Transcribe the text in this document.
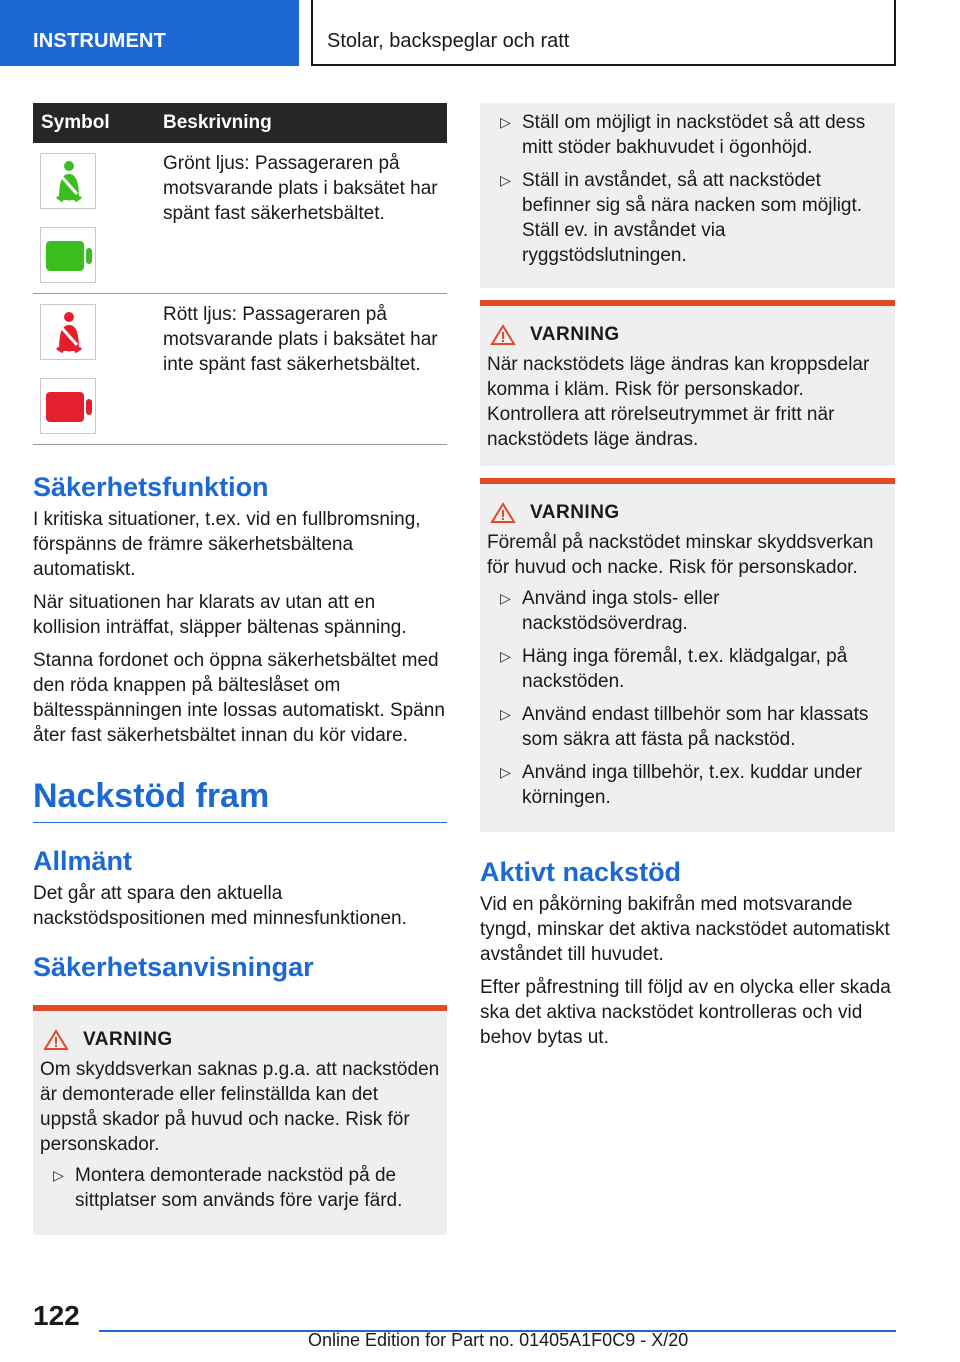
INSTRUMENT	Stolar, backspeglar och ratt
Symbol	Beskrivning

	Grönt ljus: Passageraren på motsvarande plats i baksätet har spänt fast säkerhetsbältet.

	Rött ljus: Passageraren på motsvarande plats i baksätet har inte spänt fast säkerhetsbältet.
Säkerhetsfunktion

I kritiska situationer, t.ex. vid en fullbromsning, förspänns de främre säkerhetsbältena automatiskt.

När situationen har klarats av utan att en kollision inträffat, släpper bältenas spänning.

Stanna fordonet och öppna säkerhetsbältet med den röda knappen på bälteslåset om bältesspänningen inte lossas automatiskt. Spänn åter fast säkerhetsbältet innan du kör vidare.

Nackstöd fram
Allmänt

Det går att spara den aktuella nackstödspositionen med minnesfunktionen.

Säkerhetsanvisningar
VARNING

Om skyddsverkan saknas p.g.a. att nackstöden är demonterade eller felinställda kan det uppstå skador på huvud och nacke. Risk för personskador.

▷ Montera demonterade nackstöd på de sittplatser som används före varje färd.
▷ Ställ om möjligt in nackstödet så att dess mitt stöder bakhuvudet i ögonhöjd.
▷ Ställ in avståndet, så att nackstödet befinner sig så nära nacken som möjligt. Ställ ev. in avståndet via ryggstödslutningen.
VARNING

När nackstödets läge ändras kan kroppsdelar komma i kläm. Risk för personskador. Kontrollera att rörelseutrymmet är fritt när nackstödets läge ändras.

VARNING

Föremål på nackstödet minskar skyddsverkan för huvud och nacke. Risk för personskador.

▷ Använd inga stols- eller nackstödsöverdrag.
▷ Häng inga föremål, t.ex. klädgalgar, på nackstöden.
▷ Använd endast tillbehör som har klassats som säkra att fästa på nackstöd.
▷ Använd inga tillbehör, t.ex. kuddar under körningen.
Aktivt nackstöd

Vid en påkörning bakifrån med motsvarande tyngd, minskar det aktiva nackstödet automatiskt avståndet till huvudet.

Efter påfrestning till följd av en olycka eller skada ska det aktiva nackstödet kontrolleras och vid behov bytas ut.

122
Online Edition for Part no. 01405A1F0C9 - X/20
